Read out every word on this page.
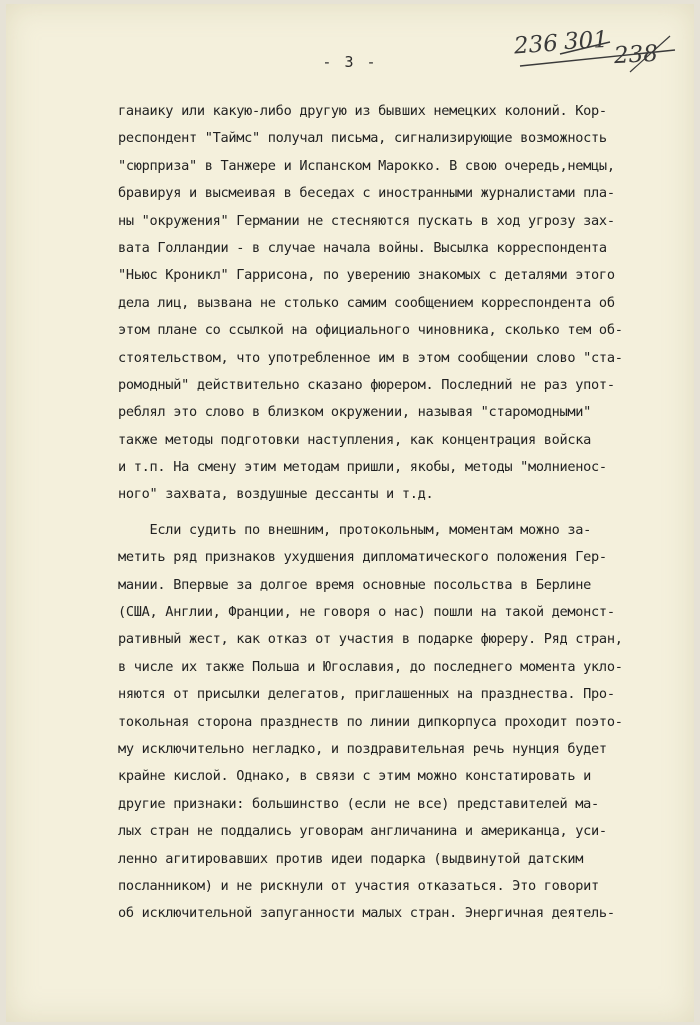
236 301 238
- 3 -
ганаику или какую-либо другую из бывших немецких колоний. Кор-
респондент "Таймс" получал письма, сигнализирующие возможность
"сюрприза" в Танжере и Испанском Марокко. В свою очередь,немцы,
бравируя и высмеивая в беседах с иностранными журналистами пла-
ны "окружения" Германии не стесняются пускать в ход угрозу зах-
вата Голландии - в случае начала войны. Высылка корреспондента
"Ньюс Кроникл" Гаррисона, по уверению знакомых с деталями этого
дела лиц, вызвана не столько самим сообщением корреспондента об
этом плане со ссылкой на официального чиновника, сколько тем об-
стоятельством, что употребленное им в этом сообщении слово "ста-
ромодный" действительно сказано фюрером. Последний не раз упот-
реблял это слово в близком окружении, называя "старомодными"
также методы подготовки наступления, как концентрация войска
и т.п. На смену этим методам пришли, якобы, методы "молниенос-
ного" захвата, воздушные дессанты и т.д.
Если судить по внешним, протокольным, моментам можно за-
метить ряд признаков ухудшения дипломатического положения Гер-
мании. Впервые за долгое время основные посольства в Берлине
(США, Англии, Франции, не говоря о нас) пошли на такой демонст-
ративный жест, как отказ от участия в подарке фюреру. Ряд стран,
в числе их также Польша и Югославия, до последнего момента укло-
няются от присылки делегатов, приглашенных на празднества. Про-
токольная сторона празднеств по линии дипкорпуса проходит поэто-
му исключительно негладко, и поздравительная речь нунция будет
крайне кислой. Однако, в связи с этим можно констатировать и
другие признаки: большинство (если не все) представителей ма-
лых стран не поддались уговорам англичанина и американца, уси-
ленно агитировавших против идеи подарка (выдвинутой датским
посланником) и не рискнули от участия отказаться. Это говорит
об исключительной запуганности малых стран. Энергичная деятель-
